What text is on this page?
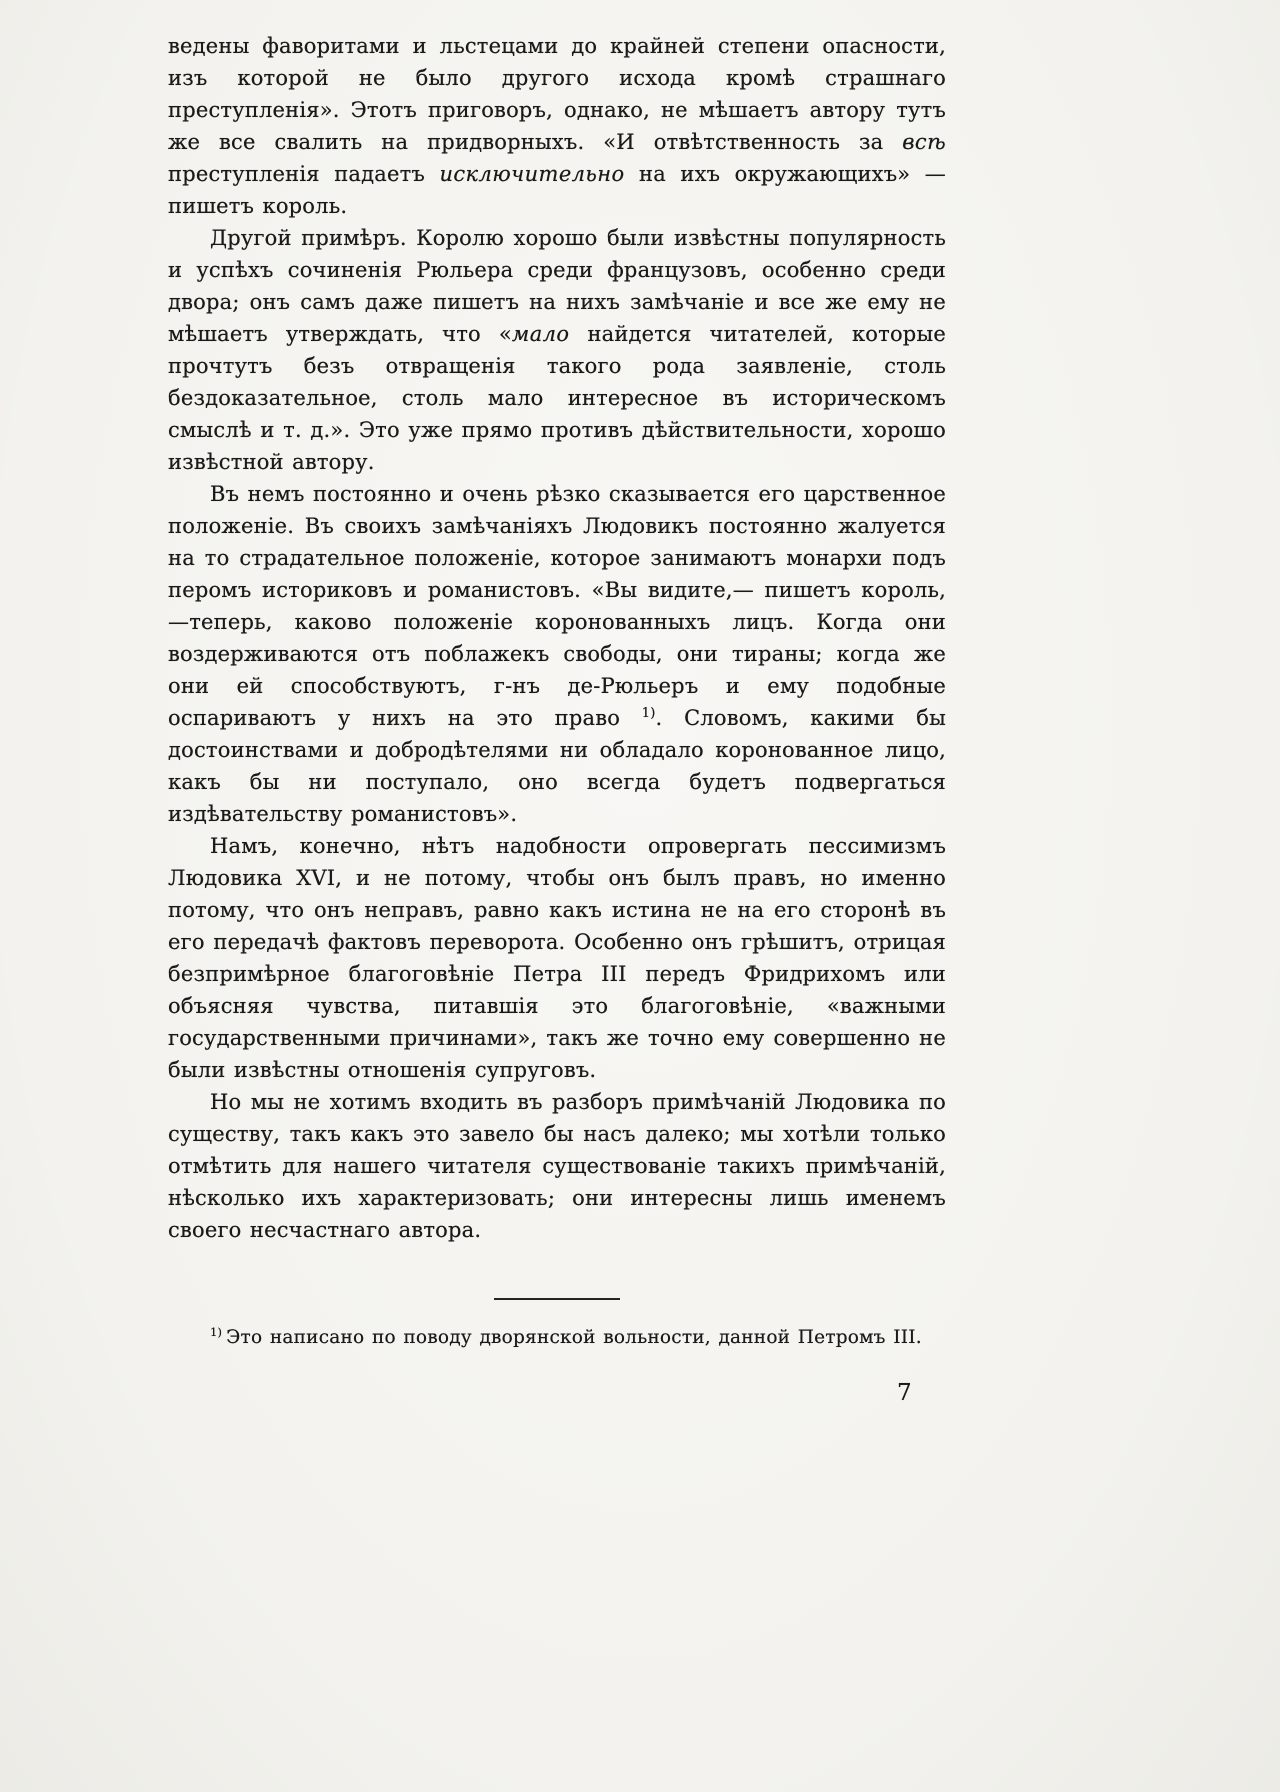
ведены фаворитами и льстецами до крайней степени опасности, изъ которой не было другого исхода кромѣ страшнаго преступленія». Этотъ приговоръ, однако, не мѣшаетъ автору тутъ же все свалить на придворныхъ. «И отвѣтственность за всѣ преступленія падаетъ исключительно на ихъ окружающихъ» — пишетъ король.

Другой примѣръ. Королю хорошо были извѣстны популярность и успѣхъ сочиненія Рюльера среди французовъ, особенно среди двора; онъ самъ даже пишетъ на нихъ замѣчаніе и все же ему не мѣшаетъ утверждать, что «мало найдется читателей, которые прочтутъ безъ отвращенія такого рода заявленіе, столь бездоказательное, столь мало интересное въ историческомъ смыслѣ и т. д.». Это уже прямо противъ дѣйствительности, хорошо извѣстной автору.

Въ немъ постоянно и очень рѣзко сказывается его царственное положеніе. Въ своихъ замѣчаніяхъ Людовикъ постоянно жалуется на то страдательное положеніе, которое занимаютъ монархи подъ перомъ историковъ и романистовъ. «Вы видите,— пишетъ король,—теперь, каково положеніе коронованныхъ лицъ. Когда они воздерживаются отъ поблажекъ свободы, они тираны; когда же они ей способствуютъ, г-нъ де-Рюльеръ и ему подобные оспариваютъ у нихъ на это право $^{1)}$. Словомъ, какими бы достоинствами и добродѣтелями ни обладало коронованное лицо, какъ бы ни поступало, оно всегда будетъ подвергаться издѣвательству романистовъ».

Намъ, конечно, нѣтъ надобности опровергать пессимизмъ Людовика XVI, и не потому, чтобы онъ былъ правъ, но именно потому, что онъ неправъ, равно какъ истина не на его сторонѣ въ его передачѣ фактовъ переворота. Особенно онъ грѣшитъ, отрицая безпримѣрное благоговѣніе Петра III передъ Фридрихомъ или объясняя чувства, питавшія это благоговѣніе, «важными государственными причинами», такъ же точно ему совершенно не были извѣстны отношенія супруговъ.

Но мы не хотимъ входить въ разборъ примѣчаній Людовика по существу, такъ какъ это завело бы насъ далеко; мы хотѣли только отмѣтить для нашего читателя существованіе такихъ примѣчаній, нѣсколько ихъ характеризовать; они интересны лишь именемъ своего несчастнаго автора.

$^{1)}$ Это написано по поводу дворянской вольности, данной Петромъ III.
7
